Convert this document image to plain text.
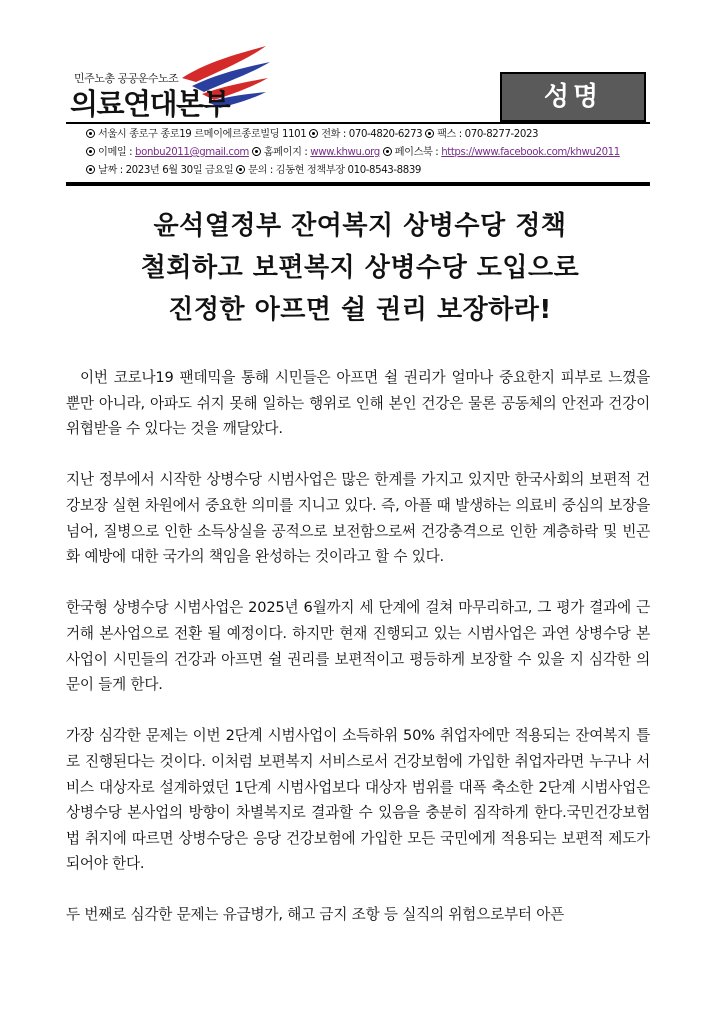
민주노총 공공운수노조
의료연대본부	성명
서울시 종로구 종로19 르메이에르종로빌딩 1101 전화 : 070-4820-6273 팩스 : 070-8277-2023
이메일 : bonbu2011@gmail.com 홈페이지 : www.khwu.org 페이스북 : https://www.facebook.com/khwu2011
날짜 : 2023년 6월 30일 금요일 문의 : 김동현 정책부장 010-8543-8839
윤석열정부 잔여복지 상병수당 정책
철회하고 보편복지 상병수당 도입으로
진정한 아프면 쉴 권리 보장하라!

이번 코로나19 팬데믹을 통해 시민들은 아프면 쉴 권리가 얼마나 중요한지 피부로 느꼈을 뿐만 아니라, 아파도 쉬지 못해 일하는 행위로 인해 본인 건강은 물론 공동체의 안전과 건강이 위협받을 수 있다는 것을 깨달았다.

지난 정부에서 시작한 상병수당 시범사업은 많은 한계를 가지고 있지만 한국사회의 보편적 건강보장 실현 차원에서 중요한 의미를 지니고 있다. 즉, 아플 때 발생하는 의료비 중심의 보장을 넘어, 질병으로 인한 소득상실을 공적으로 보전함으로써 건강충격으로 인한 계층하락 및 빈곤화 예방에 대한 국가의 책임을 완성하는 것이라고 할 수 있다.

한국형 상병수당 시범사업은 2025년 6월까지 세 단계에 걸쳐 마무리하고, 그 평가 결과에 근거해 본사업으로 전환 될 예정이다. 하지만 현재 진행되고 있는 시범사업은 과연 상병수당 본사업이 시민들의 건강과 아프면 쉴 권리를 보편적이고 평등하게 보장할 수 있을 지 심각한 의문이 들게 한다.

가장 심각한 문제는 이번 2단계 시범사업이 소득하위 50% 취업자에만 적용되는 잔여복지 틀로 진행된다는 것이다. 이처럼 보편복지 서비스로서 건강보험에 가입한 취업자라면 누구나 서비스 대상자로 설계하였던 1단계 시범사업보다 대상자 범위를 대폭 축소한 2단계 시범사업은 상병수당 본사업의 방향이 차별복지로 결과할 수 있음을 충분히 짐작하게 한다.국민건강보험법 취지에 따르면 상병수당은 응당 건강보험에 가입한 모든 국민에게 적용되는 보편적 제도가 되어야 한다.

두 번째로 심각한 문제는 유급병가, 해고 금지 조항 등 실직의 위험으로부터 아픈
